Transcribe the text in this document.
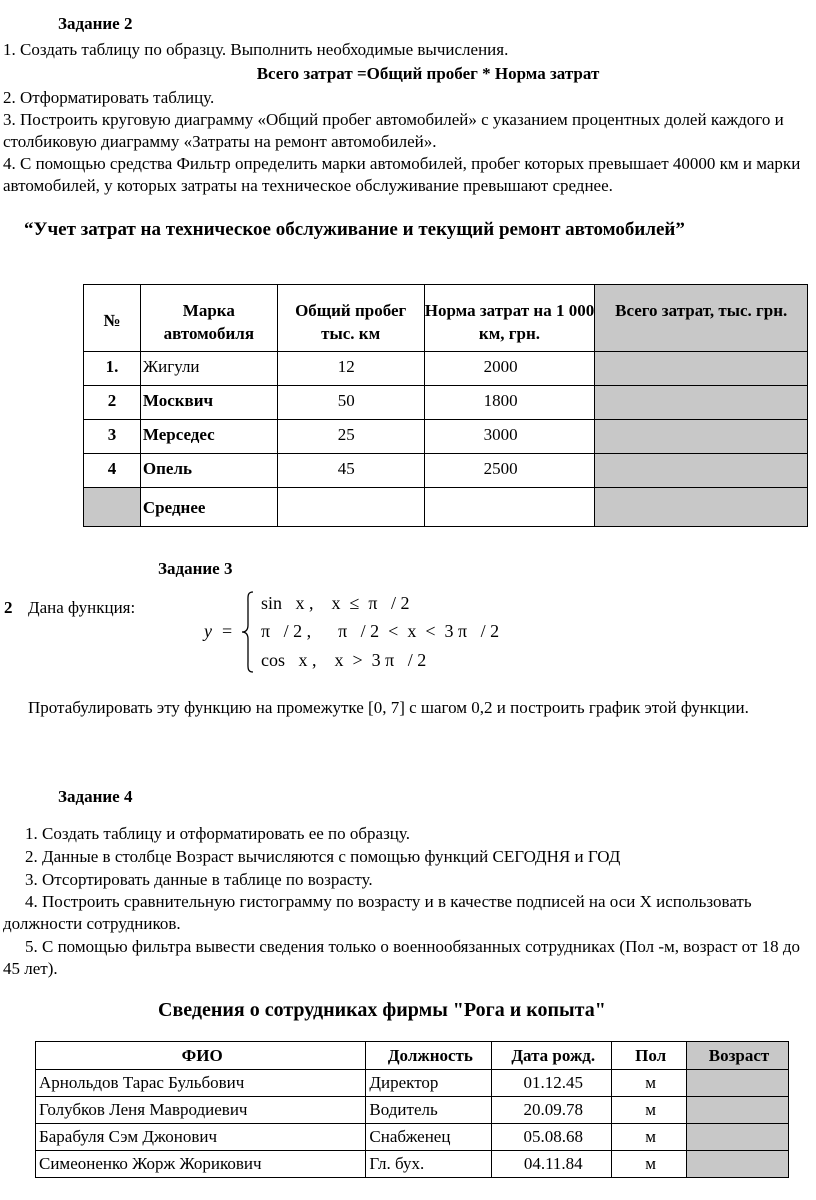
Задание 2
1. Создать таблицу по образцу. Выполнить необходимые вычисления.
Всего затрат =Общий пробег * Норма затрат
2. Отформатировать таблицу.
3. Построить круговую диаграмму «Общий пробег автомобилей» с указанием процентных долей каждого и столбиковую диаграмму «Затраты на ремонт автомобилей».
4. С помощью средства Фильтр определить марки автомобилей, пробег которых превышает 40000 км и марки автомобилей, у которых затраты на техническое обслуживание превышают среднее.
“Учет затрат на техническое обслуживание и текущий ремонт автомобилей”
№	Марка автомобиля	Общий пробег тыс. км	Норма затрат на 1 000 км, грн.	Всего затрат, тыс. грн.
1.	Жигули	12	2000	
2	Москвич	50	1800	
3	Мерседес	25	3000	
4	Опель	45	2500	
	Среднее			
Задание 3
2 Дана функция:
y =
sin   x ,    x  ≤  π   / 2
π   / 2 ,      π   / 2  <  x  <  3 π   / 2
cos   x ,    x  >  3 π   / 2
Протабулировать эту функцию на промежутке [0, 7] с шагом 0,2 и построить график этой функции.
Задание 4
1. Создать таблицу и отформатировать ее по образцу.
2. Данные в столбце Возраст вычисляются с помощью функций СЕГОДНЯ и ГОД
3. Отсортировать данные в таблице по возрасту.
4. Построить сравнительную гистограмму по возрасту и в качестве подписей на оси X использовать должности сотрудников.
5. С помощью фильтра вывести сведения только о военнообязанных сотрудниках (Пол -м, возраст от 18 до 45 лет).
Сведения о сотрудниках фирмы "Рога и копыта"
ФИО	Должность	Дата рожд.	Пол	Возраст
Арнольдов Тарас Бульбович	Директор	01.12.45	м	
Голубков Леня Мавродиевич	Водитель	20.09.78	м	
Барабуля Сэм Джонович	Снабженец	05.08.68	м	
Симеоненко Жорж Жорикович	Гл. бух.	04.11.84	м	
